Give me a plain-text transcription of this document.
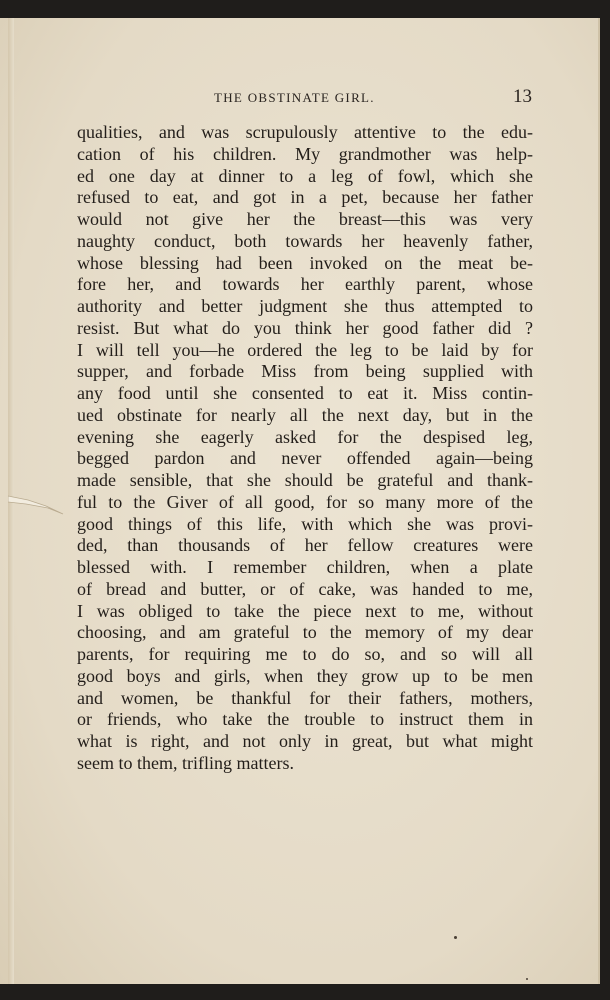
THE OBSTINATE GIRL.	13
qualities, and was scrupulously attentive to the edu-
cation of his children. My grandmother was help-
ed one day at dinner to a leg of fowl, which she
refused to eat, and got in a pet, because her father
would not give her the breast—this was very
naughty conduct, both towards her heavenly father,
whose blessing had been invoked on the meat be-
fore her, and towards her earthly parent, whose
authority and better judgment she thus attempted to
resist. But what do you think her good father did ?
I will tell you—he ordered the leg to be laid by for
supper, and forbade Miss from being supplied with
any food until she consented to eat it. Miss contin-
ued obstinate for nearly all the next day, but in the
evening she eagerly asked for the despised leg,
begged pardon and never offended again—being
made sensible, that she should be grateful and thank-
ful to the Giver of all good, for so many more of the
good things of this life, with which she was provi-
ded, than thousands of her fellow creatures were
blessed with. I remember children, when a plate
of bread and butter, or of cake, was handed to me,
I was obliged to take the piece next to me, without
choosing, and am grateful to the memory of my dear
parents, for requiring me to do so, and so will all
good boys and girls, when they grow up to be men
and women, be thankful for their fathers, mothers,
or friends, who take the trouble to instruct them in
what is right, and not only in great, but what might
seem to them, trifling matters.
